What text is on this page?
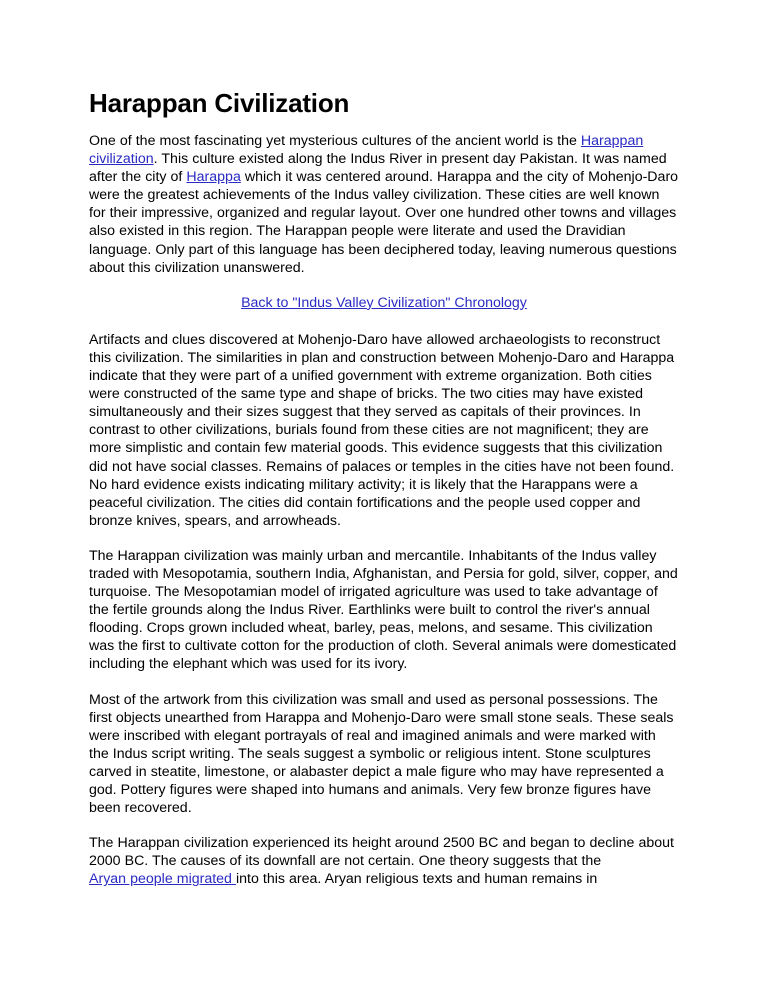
Harappan Civilization

One of the most fascinating yet mysterious cultures of the ancient world is the Harappan civilization. This culture existed along the Indus River in present day Pakistan. It was named after the city of Harappa which it was centered around. Harappa and the city of Mohenjo-Daro were the greatest achievements of the Indus valley civilization. These cities are well known for their impressive, organized and regular layout. Over one hundred other towns and villages also existed in this region. The Harappan people were literate and used the Dravidian language. Only part of this language has been deciphered today, leaving numerous questions about this civilization unanswered.

Back to "Indus Valley Civilization" Chronology

Artifacts and clues discovered at Mohenjo-Daro have allowed archaeologists to reconstruct this civilization. The similarities in plan and construction between Mohenjo-Daro and Harappa indicate that they were part of a unified government with extreme organization. Both cities were constructed of the same type and shape of bricks. The two cities may have existed simultaneously and their sizes suggest that they served as capitals of their provinces. In contrast to other civilizations, burials found from these cities are not magnificent; they are more simplistic and contain few material goods. This evidence suggests that this civilization did not have social classes. Remains of palaces or temples in the cities have not been found. No hard evidence exists indicating military activity; it is likely that the Harappans were a peaceful civilization. The cities did contain fortifications and the people used copper and bronze knives, spears, and arrowheads.

The Harappan civilization was mainly urban and mercantile. Inhabitants of the Indus valley traded with Mesopotamia, southern India, Afghanistan, and Persia for gold, silver, copper, and turquoise. The Mesopotamian model of irrigated agriculture was used to take advantage of the fertile grounds along the Indus River. Earthlinks were built to control the river's annual flooding. Crops grown included wheat, barley, peas, melons, and sesame. This civilization was the first to cultivate cotton for the production of cloth. Several animals were domesticated including the elephant which was used for its ivory.

Most of the artwork from this civilization was small and used as personal possessions. The first objects unearthed from Harappa and Mohenjo-Daro were small stone seals. These seals were inscribed with elegant portrayals of real and imagined animals and were marked with the Indus script writing. The seals suggest a symbolic or religious intent. Stone sculptures carved in steatite, limestone, or alabaster depict a male figure who may have represented a god. Pottery figures were shaped into humans and animals. Very few bronze figures have been recovered.

The Harappan civilization experienced its height around 2500 BC and began to decline about 2000 BC. The causes of its downfall are not certain. One theory suggests that the Aryan people migrated into this area. Aryan religious texts and human remains in
